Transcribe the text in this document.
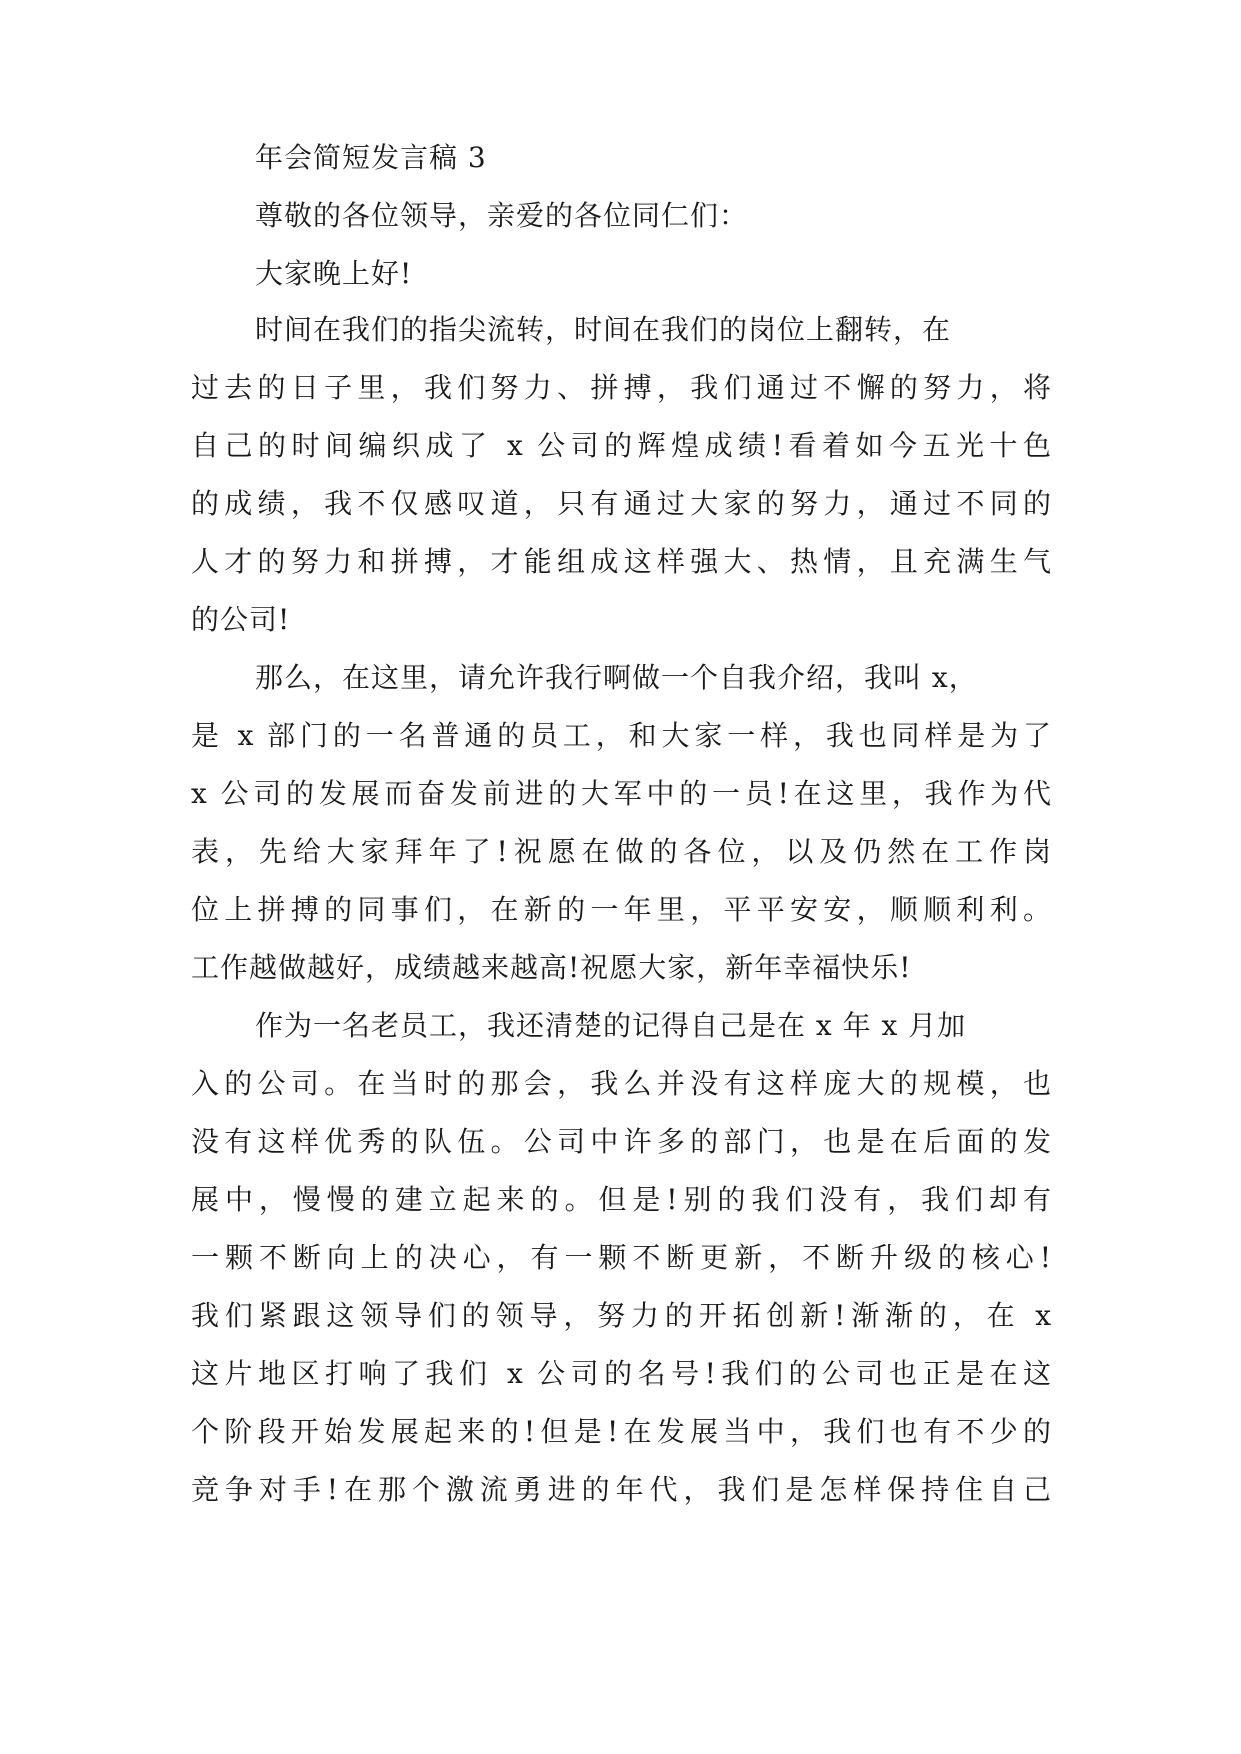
年会简短发言稿 3

尊敬的各位领导，亲爱的各位同仁们：

大家晚上好!

时间在我们的指尖流转，时间在我们的岗位上翻转，在

过去的日子里，我们努力、拼搏，我们通过不懈的努力，将

自己的时间编织成了 x 公司的辉煌成绩!看着如今五光十色

的成绩，我不仅感叹道，只有通过大家的努力，通过不同的

人才的努力和拼搏，才能组成这样强大、热情，且充满生气

的公司!

那么，在这里，请允许我行啊做一个自我介绍，我叫 x，

是 x 部门的一名普通的员工，和大家一样，我也同样是为了

x 公司的发展而奋发前进的大军中的一员!在这里，我作为代

表，先给大家拜年了!祝愿在做的各位，以及仍然在工作岗

位上拼搏的同事们，在新的一年里，平平安安，顺顺利利。

工作越做越好，成绩越来越高!祝愿大家，新年幸福快乐!

作为一名老员工，我还清楚的记得自己是在 x 年 x 月加

入的公司。在当时的那会，我么并没有这样庞大的规模，也

没有这样优秀的队伍。公司中许多的部门，也是在后面的发

展中，慢慢的建立起来的。但是!别的我们没有，我们却有

一颗不断向上的决心，有一颗不断更新，不断升级的核心!

我们紧跟这领导们的领导，努力的开拓创新!渐渐的，在 x

这片地区打响了我们 x 公司的名号!我们的公司也正是在这

个阶段开始发展起来的!但是!在发展当中，我们也有不少的

竞争对手!在那个激流勇进的年代，我们是怎样保持住自己
